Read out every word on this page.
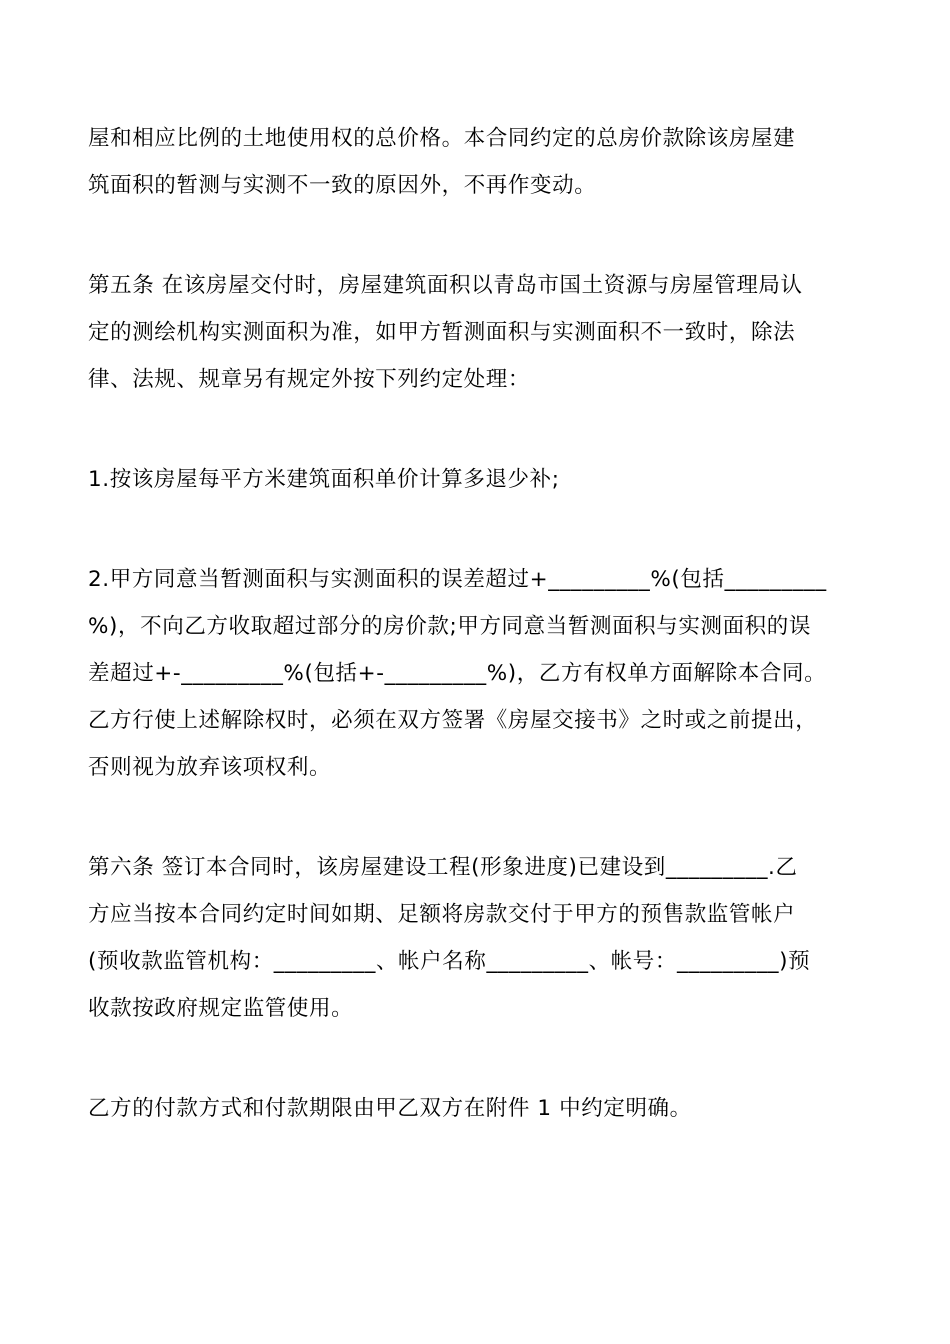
屋和相应比例的土地使用权的总价格。本合同约定的总房价款除该房屋建
筑面积的暂测与实测不一致的原因外，不再作变动。

第五条 在该房屋交付时，房屋建筑面积以青岛市国土资源与房屋管理局认
定的测绘机构实测面积为准，如甲方暂测面积与实测面积不一致时，除法
律、法规、规章另有规定外按下列约定处理：

1.按该房屋每平方米建筑面积单价计算多退少补;

2.甲方同意当暂测面积与实测面积的误差超过+_________%(包括_________
%)，不向乙方收取超过部分的房价款;甲方同意当暂测面积与实测面积的误
差超过+-_________%(包括+-_________%)，乙方有权单方面解除本合同。
乙方行使上述解除权时，必须在双方签署《房屋交接书》之时或之前提出，
否则视为放弃该项权利。

第六条 签订本合同时，该房屋建设工程(形象进度)已建设到_________.乙
方应当按本合同约定时间如期、足额将房款交付于甲方的预售款监管帐户
(预收款监管机构：_________、帐户名称_________、帐号：_________)预
收款按政府规定监管使用。

乙方的付款方式和付款期限由甲乙双方在附件 1 中约定明确。
